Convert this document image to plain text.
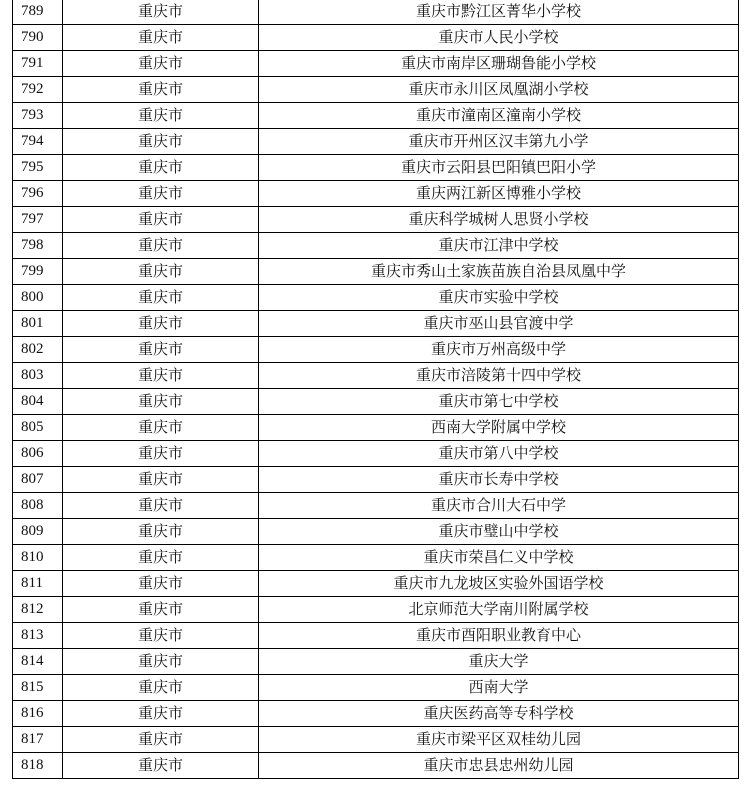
789	重庆市	重庆市黔江区菁华小学校
790	重庆市	重庆市人民小学校
791	重庆市	重庆市南岸区珊瑚鲁能小学校
792	重庆市	重庆市永川区凤凰湖小学校
793	重庆市	重庆市潼南区潼南小学校
794	重庆市	重庆市开州区汉丰第九小学
795	重庆市	重庆市云阳县巴阳镇巴阳小学
796	重庆市	重庆两江新区博雅小学校
797	重庆市	重庆科学城树人思贤小学校
798	重庆市	重庆市江津中学校
799	重庆市	重庆市秀山土家族苗族自治县凤凰中学
800	重庆市	重庆市实验中学校
801	重庆市	重庆市巫山县官渡中学
802	重庆市	重庆市万州高级中学
803	重庆市	重庆市涪陵第十四中学校
804	重庆市	重庆市第七中学校
805	重庆市	西南大学附属中学校
806	重庆市	重庆市第八中学校
807	重庆市	重庆市长寿中学校
808	重庆市	重庆市合川大石中学
809	重庆市	重庆市璧山中学校
810	重庆市	重庆市荣昌仁义中学校
811	重庆市	重庆市九龙坡区实验外国语学校
812	重庆市	北京师范大学南川附属学校
813	重庆市	重庆市酉阳职业教育中心
814	重庆市	重庆大学
815	重庆市	西南大学
816	重庆市	重庆医药高等专科学校
817	重庆市	重庆市梁平区双桂幼儿园
818	重庆市	重庆市忠县忠州幼儿园
